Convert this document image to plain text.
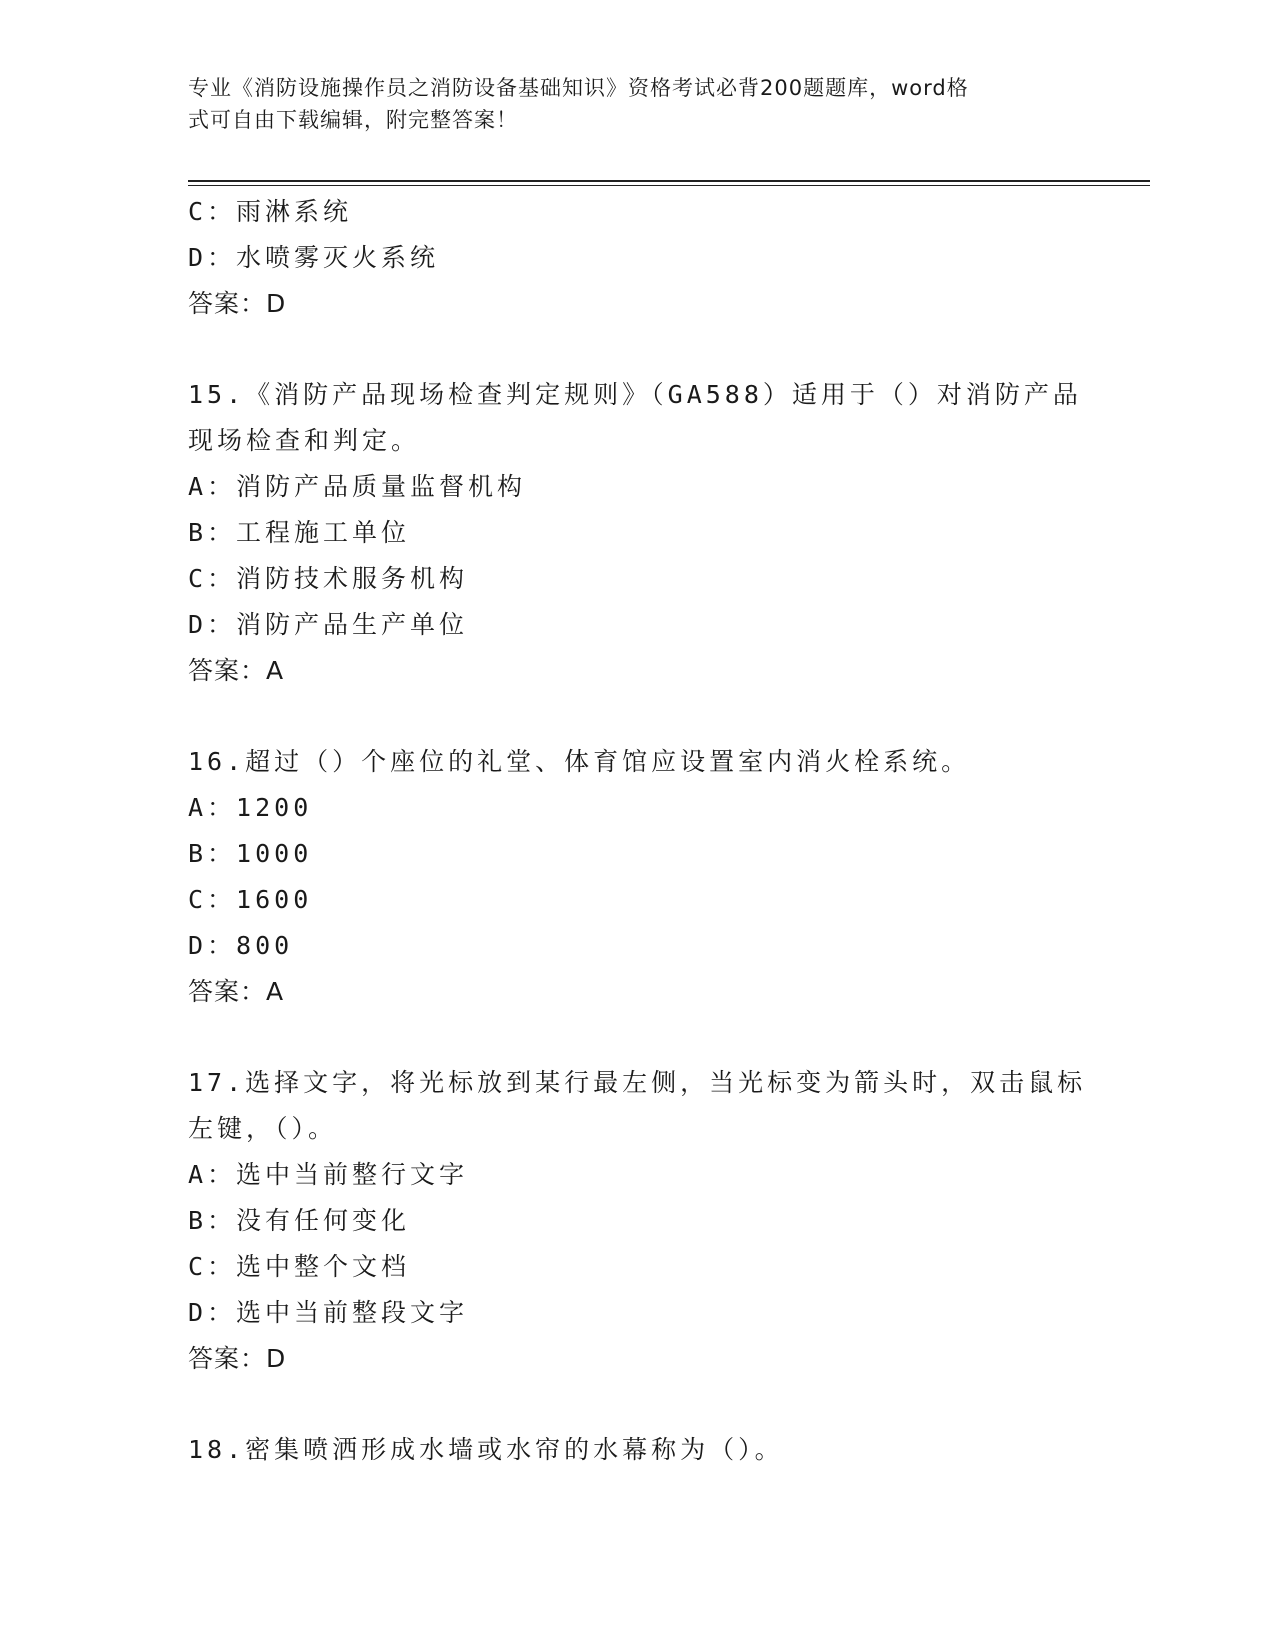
专业《消防设施操作员之消防设备基础知识》资格考试必背200题题库，word格
式可自由下载编辑，附完整答案！
C：雨淋系统
D：水喷雾灭火系统
答案：D
15.《消防产品现场检查判定规则》（GA588）适用于（）对消防产品
现场检查和判定。
A：消防产品质量监督机构
B：工程施工单位
C：消防技术服务机构
D：消防产品生产单位
答案：A
16.超过（）个座位的礼堂、体育馆应设置室内消火栓系统。
A：1200
B：1000
C：1600
D：800
答案：A
17.选择文字，将光标放到某行最左侧，当光标变为箭头时，双击鼠标
左键，（）。
A：选中当前整行文字
B：没有任何变化
C：选中整个文档
D：选中当前整段文字
答案：D
18.密集喷洒形成水墙或水帘的水幕称为（）。
